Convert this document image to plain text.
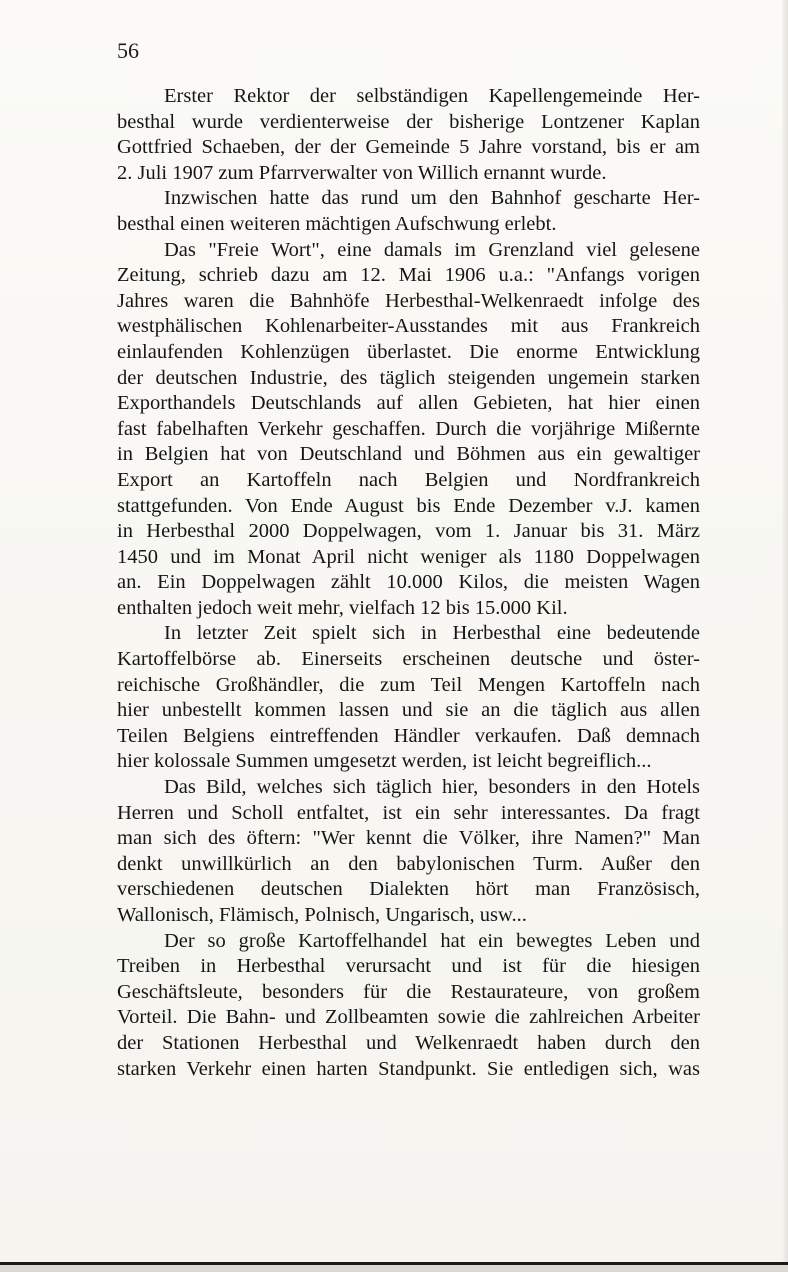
56
Erster Rektor der selbständigen Kapellengemeinde Her-
besthal wurde verdienterweise der bisherige Lontzener Kaplan
Gottfried Schaeben, der der Gemeinde 5 Jahre vorstand, bis er am
2. Juli 1907 zum Pfarrverwalter von Willich ernannt wurde.
Inzwischen hatte das rund um den Bahnhof gescharte Her-
besthal einen weiteren mächtigen Aufschwung erlebt.
Das "Freie Wort", eine damals im Grenzland viel gelesene
Zeitung, schrieb dazu am 12. Mai 1906 u.a.: "Anfangs vorigen
Jahres waren die Bahnhöfe Herbesthal-Welkenraedt infolge des
westphälischen Kohlenarbeiter-Ausstandes mit aus Frankreich
einlaufenden Kohlenzügen überlastet. Die enorme Entwicklung
der deutschen Industrie, des täglich steigenden ungemein starken
Exporthandels Deutschlands auf allen Gebieten, hat hier einen
fast fabelhaften Verkehr geschaffen. Durch die vorjährige Mißernte
in Belgien hat von Deutschland und Böhmen aus ein gewaltiger
Export an Kartoffeln nach Belgien und Nordfrankreich
stattgefunden. Von Ende August bis Ende Dezember v.J. kamen
in Herbesthal 2000 Doppelwagen, vom 1. Januar bis 31. März
1450 und im Monat April nicht weniger als 1180 Doppelwagen
an. Ein Doppelwagen zählt 10.000 Kilos, die meisten Wagen
enthalten jedoch weit mehr, vielfach 12 bis 15.000 Kil.
In letzter Zeit spielt sich in Herbesthal eine bedeutende
Kartoffelbörse ab. Einerseits erscheinen deutsche und öster-
reichische Großhändler, die zum Teil Mengen Kartoffeln nach
hier unbestellt kommen lassen und sie an die täglich aus allen
Teilen Belgiens eintreffenden Händler verkaufen. Daß demnach
hier kolossale Summen umgesetzt werden, ist leicht begreiflich...
Das Bild, welches sich täglich hier, besonders in den Hotels
Herren und Scholl entfaltet, ist ein sehr interessantes. Da fragt
man sich des öftern: "Wer kennt die Völker, ihre Namen?" Man
denkt unwillkürlich an den babylonischen Turm. Außer den
verschiedenen deutschen Dialekten hört man Französisch,
Wallonisch, Flämisch, Polnisch, Ungarisch, usw...
Der so große Kartoffelhandel hat ein bewegtes Leben und
Treiben in Herbesthal verursacht und ist für die hiesigen
Geschäftsleute, besonders für die Restaurateure, von großem
Vorteil. Die Bahn- und Zollbeamten sowie die zahlreichen Arbeiter
der Stationen Herbesthal und Welkenraedt haben durch den
starken Verkehr einen harten Standpunkt. Sie entledigen sich, was
